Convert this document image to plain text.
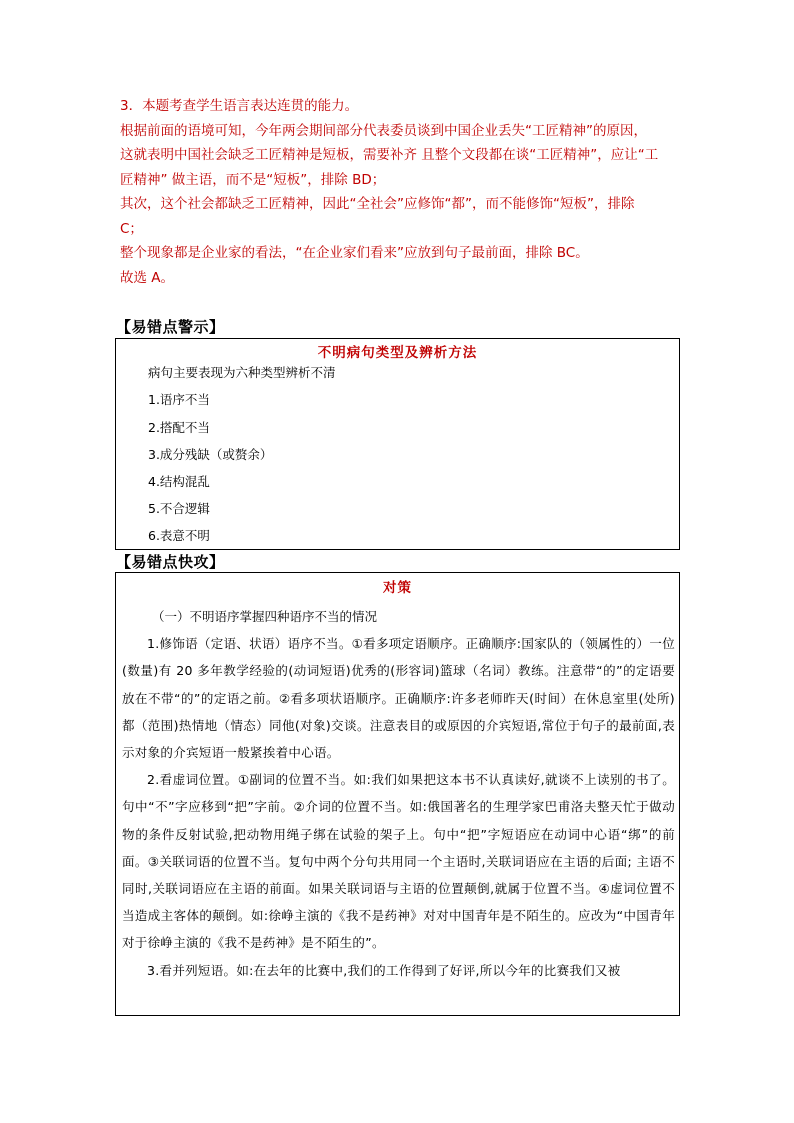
3．本题考查学生语言表达连贯的能力。
根据前面的语境可知，今年两会期间部分代表委员谈到中国企业丢失“工匠精神”的原因，
这就表明中国社会缺乏工匠精神是短板，需要补齐 且整个文段都在谈“工匠精神”，应让“工
匠精神” 做主语，而不是“短板”，排除 BD；
其次，这个社会都缺乏工匠精神，因此“全社会”应修饰“都”，而不能修饰“短板”，排除
C；
整个现象都是企业家的看法，“在企业家们看来”应放到句子最前面，排除 BC。
故选 A。
【易错点警示】
不明病句类型及辨析方法
病句主要表现为六种类型辨析不清
1.语序不当
2.搭配不当
3.成分残缺（或赘余）
4.结构混乱
5.不合逻辑
6.表意不明
【易错点快攻】
对策

（一）不明语序掌握四种语序不当的情况

1.修饰语（定语、状语）语序不当。①看多项定语顺序。正确顺序:国家队的（领属性的）一位(数量)有 20 多年教学经验的(动词短语)优秀的(形容词)篮球（名词）教练。注意带“的”的定语要放在不带“的”的定语之前。②看多项状语顺序。正确顺序:许多老师昨天(时间）在休息室里(处所)都（范围)热情地（情态）同他(对象)交谈。注意表目的或原因的介宾短语,常位于句子的最前面,表示对象的介宾短语一般紧挨着中心语。

2.看虚词位置。①副词的位置不当。如:我们如果把这本书不认真读好,就谈不上读别的书了。句中“不”字应移到“把”字前。②介词的位置不当。如:俄国著名的生理学家巴甫洛夫整天忙于做动物的条件反射试验,把动物用绳子绑在试验的架子上。句中“把”字短语应在动词中心语“绑”的前面。③关联词语的位置不当。复句中两个分句共用同一个主语时,关联词语应在主语的后面; 主语不同时,关联词语应在主语的前面。如果关联词语与主语的位置颠倒,就属于位置不当。④虚词位置不当造成主客体的颠倒。如:徐峥主演的《我不是药神》对对中国青年是不陌生的。应改为“中国青年对于徐峥主演的《我不是药神》是不陌生的”。

3.看并列短语。如:在去年的比赛中,我们的工作得到了好评,所以今年的比赛我们又被
